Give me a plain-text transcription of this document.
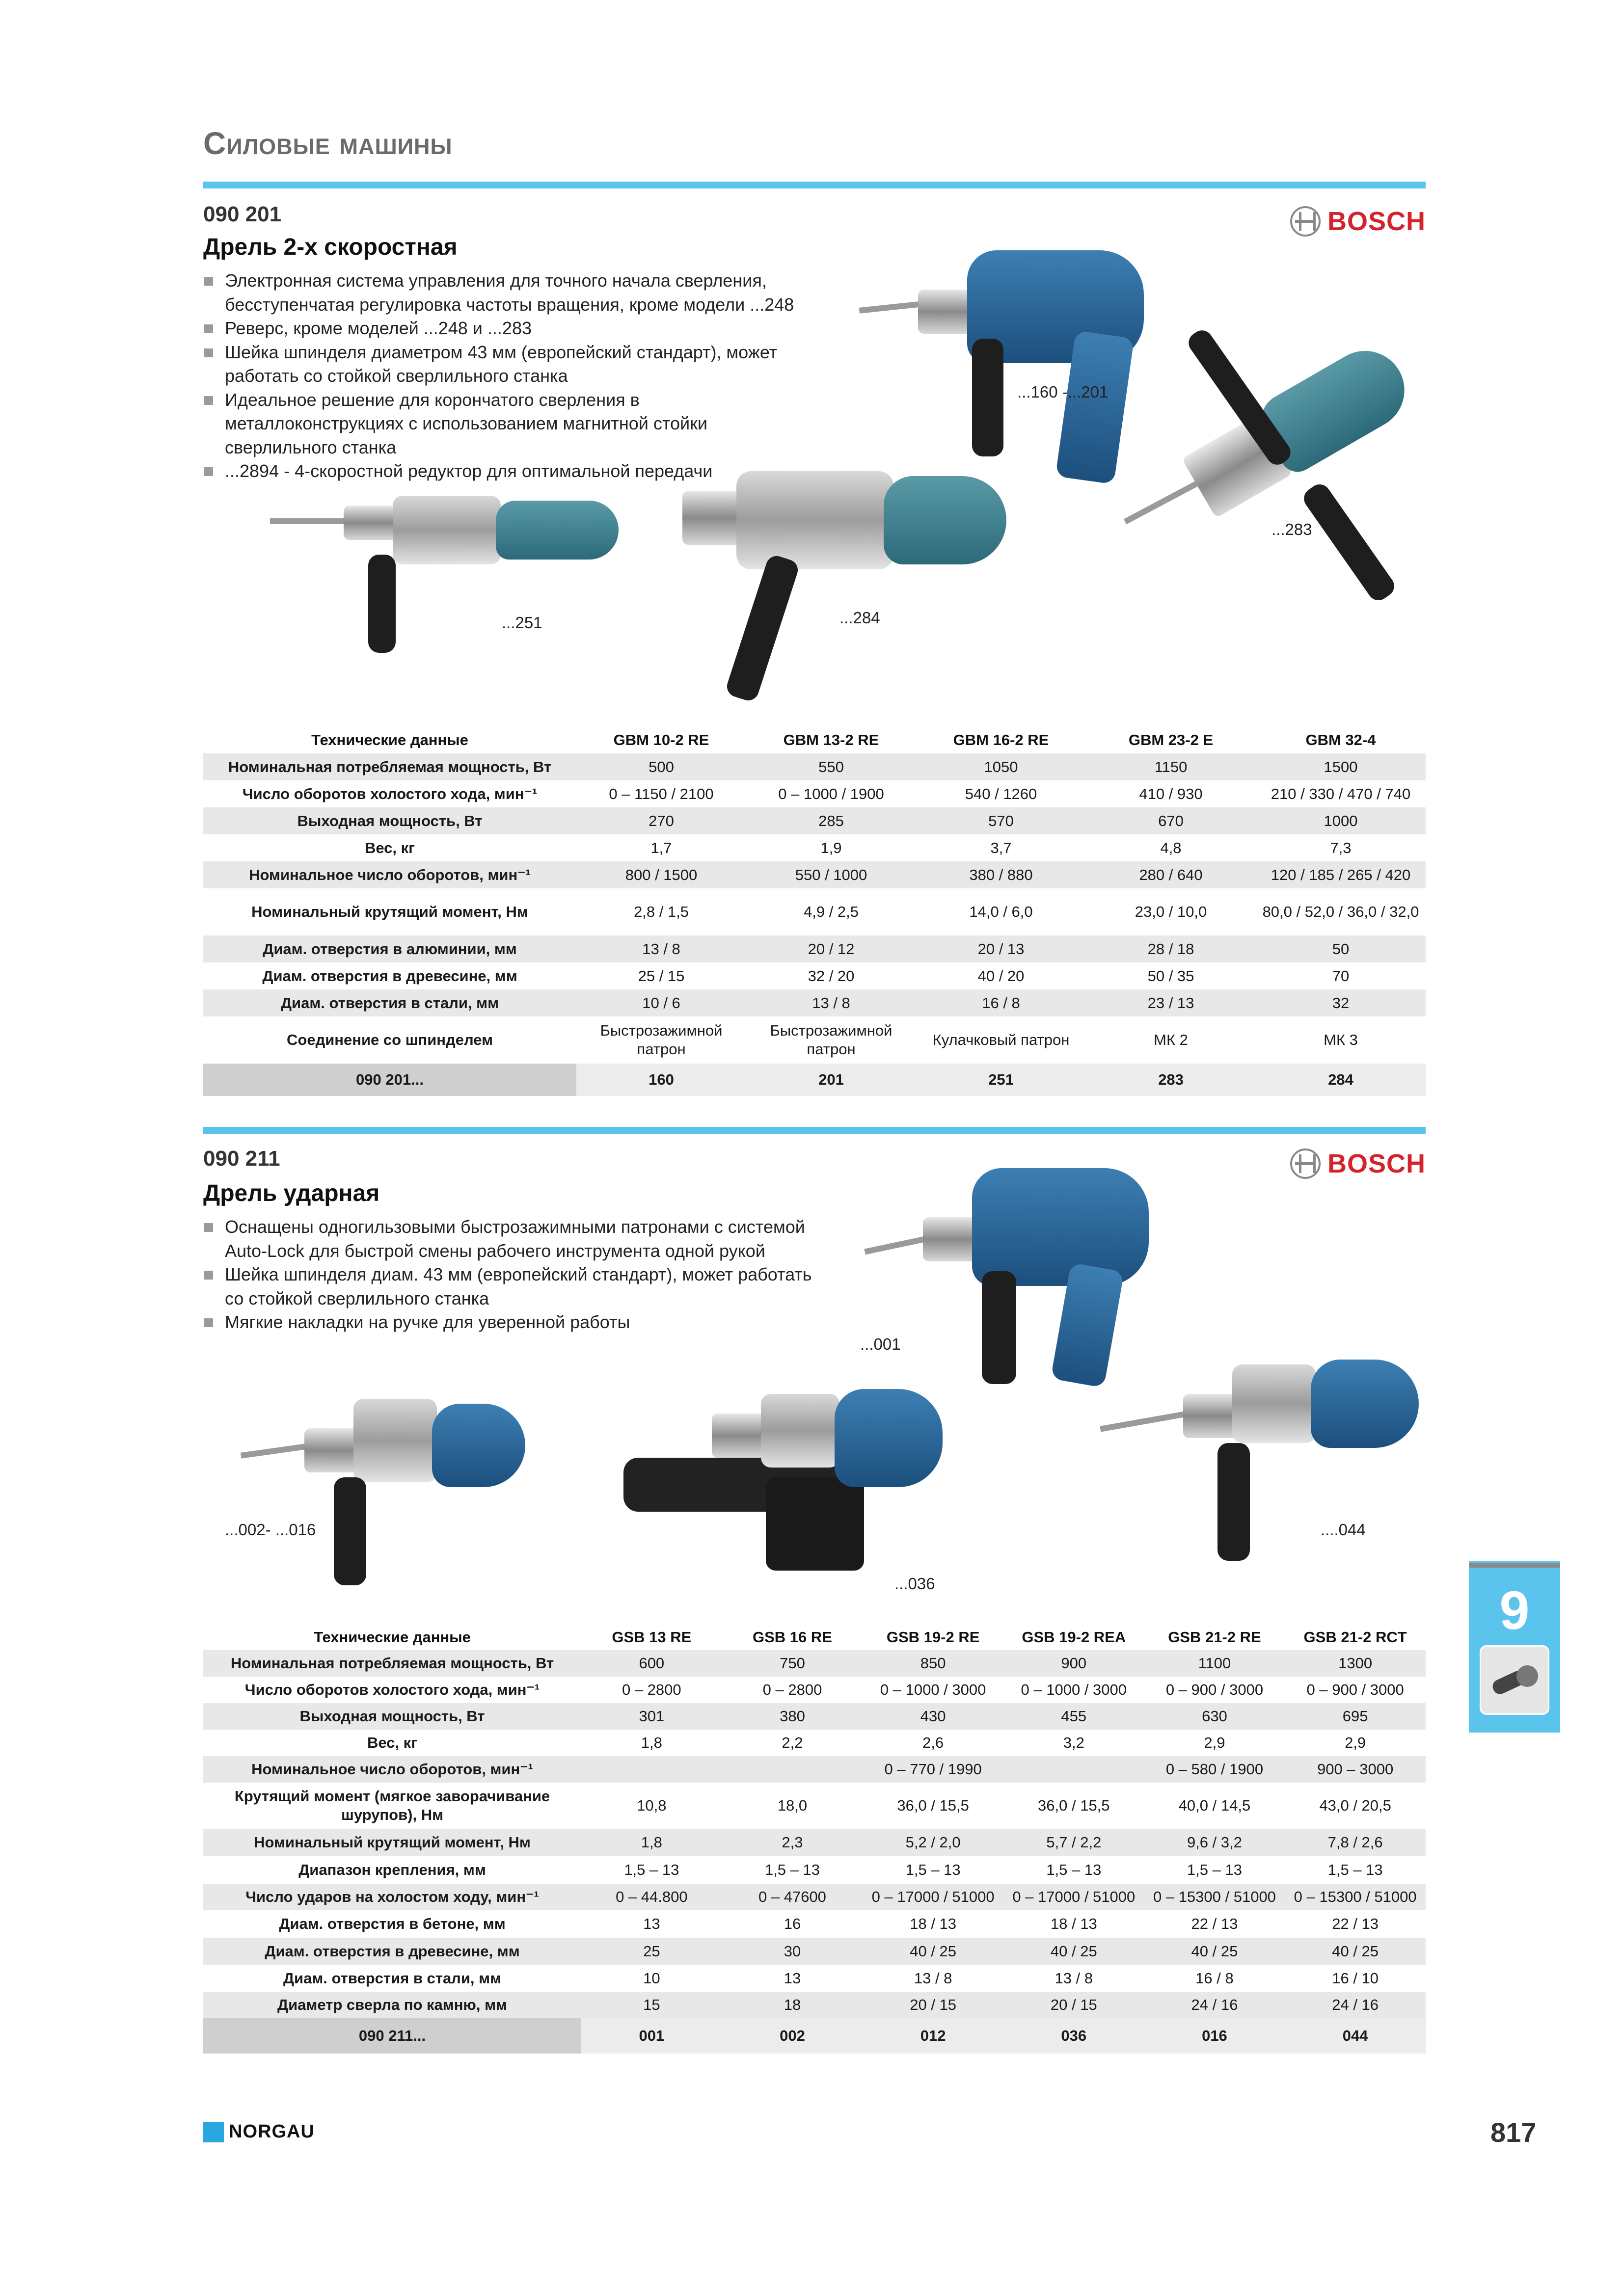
Силовые машины
090 201
Дрель 2-х скоростная
BOSCH
Электронная система управления для точного начала сверления,
бесступенчатая регулировка частоты вращения, кроме модели ...248
Реверс, кроме моделей ...248 и ...283
Шейка шпинделя диаметром 43 мм (европейский стандарт), может
работать со стойкой сверлильного станка
Идеальное решение для корончатого сверления в
металлоконструкциях с использованием магнитной стойки
сверлильного станка
...2894 - 4-скоростной редуктор для оптимальной передачи
...160 -...201
...283
...251	...284
Технические данные	GBM 10-2 RE	GBM 13-2 RE	GBM 16-2 RE	GBM 23-2 E	GBM 32-4
Номинальная потребляемая мощность, Вт	500	550	1050	1150	1500
Число оборотов холостого хода, мин⁻¹	0 – 1150 / 2100	0 – 1000 / 1900	540 / 1260	410 / 930	210 / 330 / 470 / 740
Выходная мощность, Вт	270	285	570	670	1000
Вес, кг	1,7	1,9	3,7	4,8	7,3
Номинальное число оборотов, мин⁻¹	800 / 1500	550 / 1000	380 / 880	280 / 640	120 / 185 / 265 / 420
Номинальный крутящий момент, Нм	2,8 / 1,5	4,9 / 2,5	14,0 / 6,0	23,0 / 10,0	80,0 / 52,0 / 36,0 / 32,0
Диам. отверстия в алюминии, мм	13 / 8	20 / 12	20 / 13	28 / 18	50
Диам. отверстия в древесине, мм	25 / 15	32 / 20	40 / 20	50 / 35	70
Диам. отверстия в стали, мм	10 / 6	13 / 8	16 / 8	23 / 13	32
Соединение со шпинделем	Быстрозажимной патрон	Быстрозажимной патрон	Кулачковый патрон	МК 2	МК 3
090 201...	160	201	251	283	284
090 211
Дрель ударная
BOSCH
Оснащены одногильзовыми быстрозажимными патронами с системой
Auto-Lock для быстрой смены рабочего инструмента одной рукой
Шейка шпинделя диам. 43 мм (европейский стандарт), может работать
со стойкой сверлильного станка
Мягкие накладки на ручке для уверенной работы
...001
...002- ...016
...036
....044
Технические данные	GSB 13 RE	GSB 16 RE	GSB 19-2 RE	GSB 19-2 REA	GSB 21-2 RE	GSB 21-2 RCT
Номинальная потребляемая мощность, Вт	600	750	850	900	1100	1300
Число оборотов холостого хода, мин⁻¹	0 – 2800	0 – 2800	0 – 1000 / 3000	0 – 1000 / 3000	0 – 900 / 3000	0 – 900 / 3000
Выходная мощность, Вт	301	380	430	455	630	695
Вес, кг	1,8	2,2	2,6	3,2	2,9	2,9
Номинальное число оборотов, мин⁻¹			0 – 770 / 1990		0 – 580 / 1900	900 – 3000
Крутящий момент (мягкое заворачивание шурупов), Нм	10,8	18,0	36,0 / 15,5	36,0 / 15,5	40,0 / 14,5	43,0 / 20,5
Номинальный крутящий момент, Нм	1,8	2,3	5,2 / 2,0	5,7 / 2,2	9,6 / 3,2	7,8 / 2,6
Диапазон крепления, мм	1,5 – 13	1,5 – 13	1,5 – 13	1,5 – 13	1,5 – 13	1,5 – 13
Число ударов на холостом ходу, мин⁻¹	0 – 44.800	0 – 47600	0 – 17000 / 51000	0 – 17000 / 51000	0 – 15300 / 51000	0 – 15300 / 51000
Диам. отверстия в бетоне, мм	13	16	18 / 13	18 / 13	22 / 13	22 / 13
Диам. отверстия в древесине, мм	25	30	40 / 25	40 / 25	40 / 25	40 / 25
Диам. отверстия в стали, мм	10	13	13 / 8	13 / 8	16 / 8	16 / 10
Диаметр сверла по камню, мм	15	18	20 / 15	20 / 15	24 / 16	24 / 16
090 211...	001	002	012	036	016	044
9
NORGAU	817
